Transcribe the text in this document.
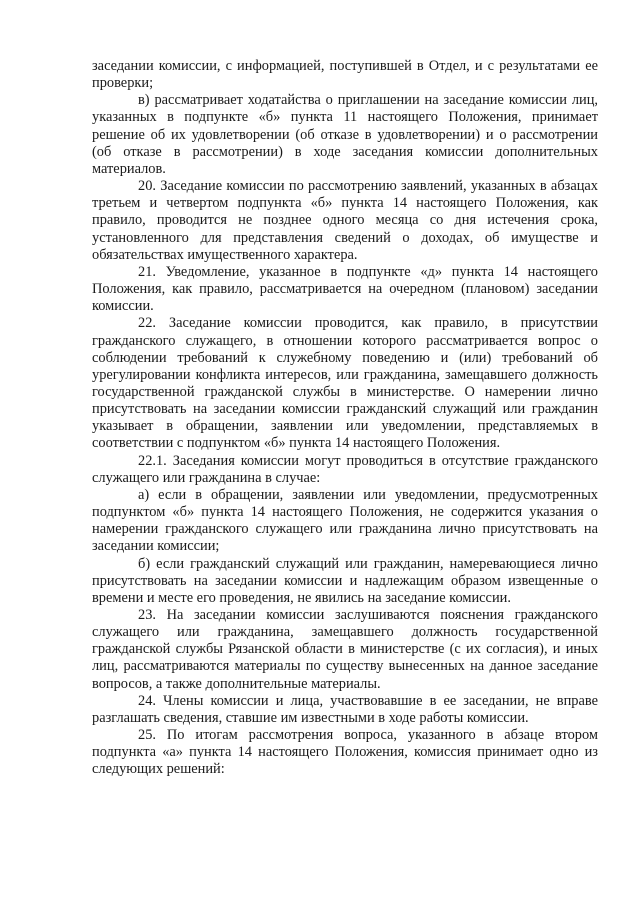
заседании комиссии, с информацией, поступившей в Отдел, и с результатами ее проверки;

в) рассматривает ходатайства о приглашении на заседание комиссии лиц, указанных в подпункте «б» пункта 11 настоящего Положения, принимает решение об их удовлетворении (об отказе в удовлетворении) и о рассмотрении (об отказе в рассмотрении) в ходе заседания комиссии дополнительных материалов.

20. Заседание комиссии по рассмотрению заявлений, указанных в абзацах третьем и четвертом подпункта «б» пункта 14 настоящего Положения, как правило, проводится не позднее одного месяца со дня истечения срока, установленного для представления сведений о доходах, об имуществе и обязательствах имущественного характера.

21. Уведомление, указанное в подпункте «д» пункта 14 настоящего Положения, как правило, рассматривается на очередном (плановом) заседании комиссии.

22. Заседание комиссии проводится, как правило, в присутствии гражданского служащего, в отношении которого рассматривается вопрос о соблюдении требований к служебному поведению и (или) требований об урегулировании конфликта интересов, или гражданина, замещавшего должность государственной гражданской службы в министерстве. О намерении лично присутствовать на заседании комиссии гражданский служащий или гражданин указывает в обращении, заявлении или уведомлении, представляемых в соответствии с подпунктом «б» пункта 14 настоящего Положения.

22.1. Заседания комиссии могут проводиться в отсутствие гражданского служащего или гражданина в случае:

а) если в обращении, заявлении или уведомлении, предусмотренных подпунктом «б» пункта 14 настоящего Положения, не содержится указания о намерении гражданского служащего или гражданина лично присутствовать на заседании комиссии;

б) если гражданский служащий или гражданин, намеревающиеся лично присутствовать на заседании комиссии и надлежащим образом извещенные о времени и месте его проведения, не явились на заседание комиссии.

23. На заседании комиссии заслушиваются пояснения гражданского служащего или гражданина, замещавшего должность государственной гражданской службы Рязанской области в министерстве (с их согласия), и иных лиц, рассматриваются материалы по существу вынесенных на данное заседание вопросов, а также дополнительные материалы.

24. Члены комиссии и лица, участвовавшие в ее заседании, не вправе разглашать сведения, ставшие им известными в ходе работы комиссии.

25. По итогам рассмотрения вопроса, указанного в абзаце втором подпункта «а» пункта 14 настоящего Положения, комиссия принимает одно из следующих решений:
